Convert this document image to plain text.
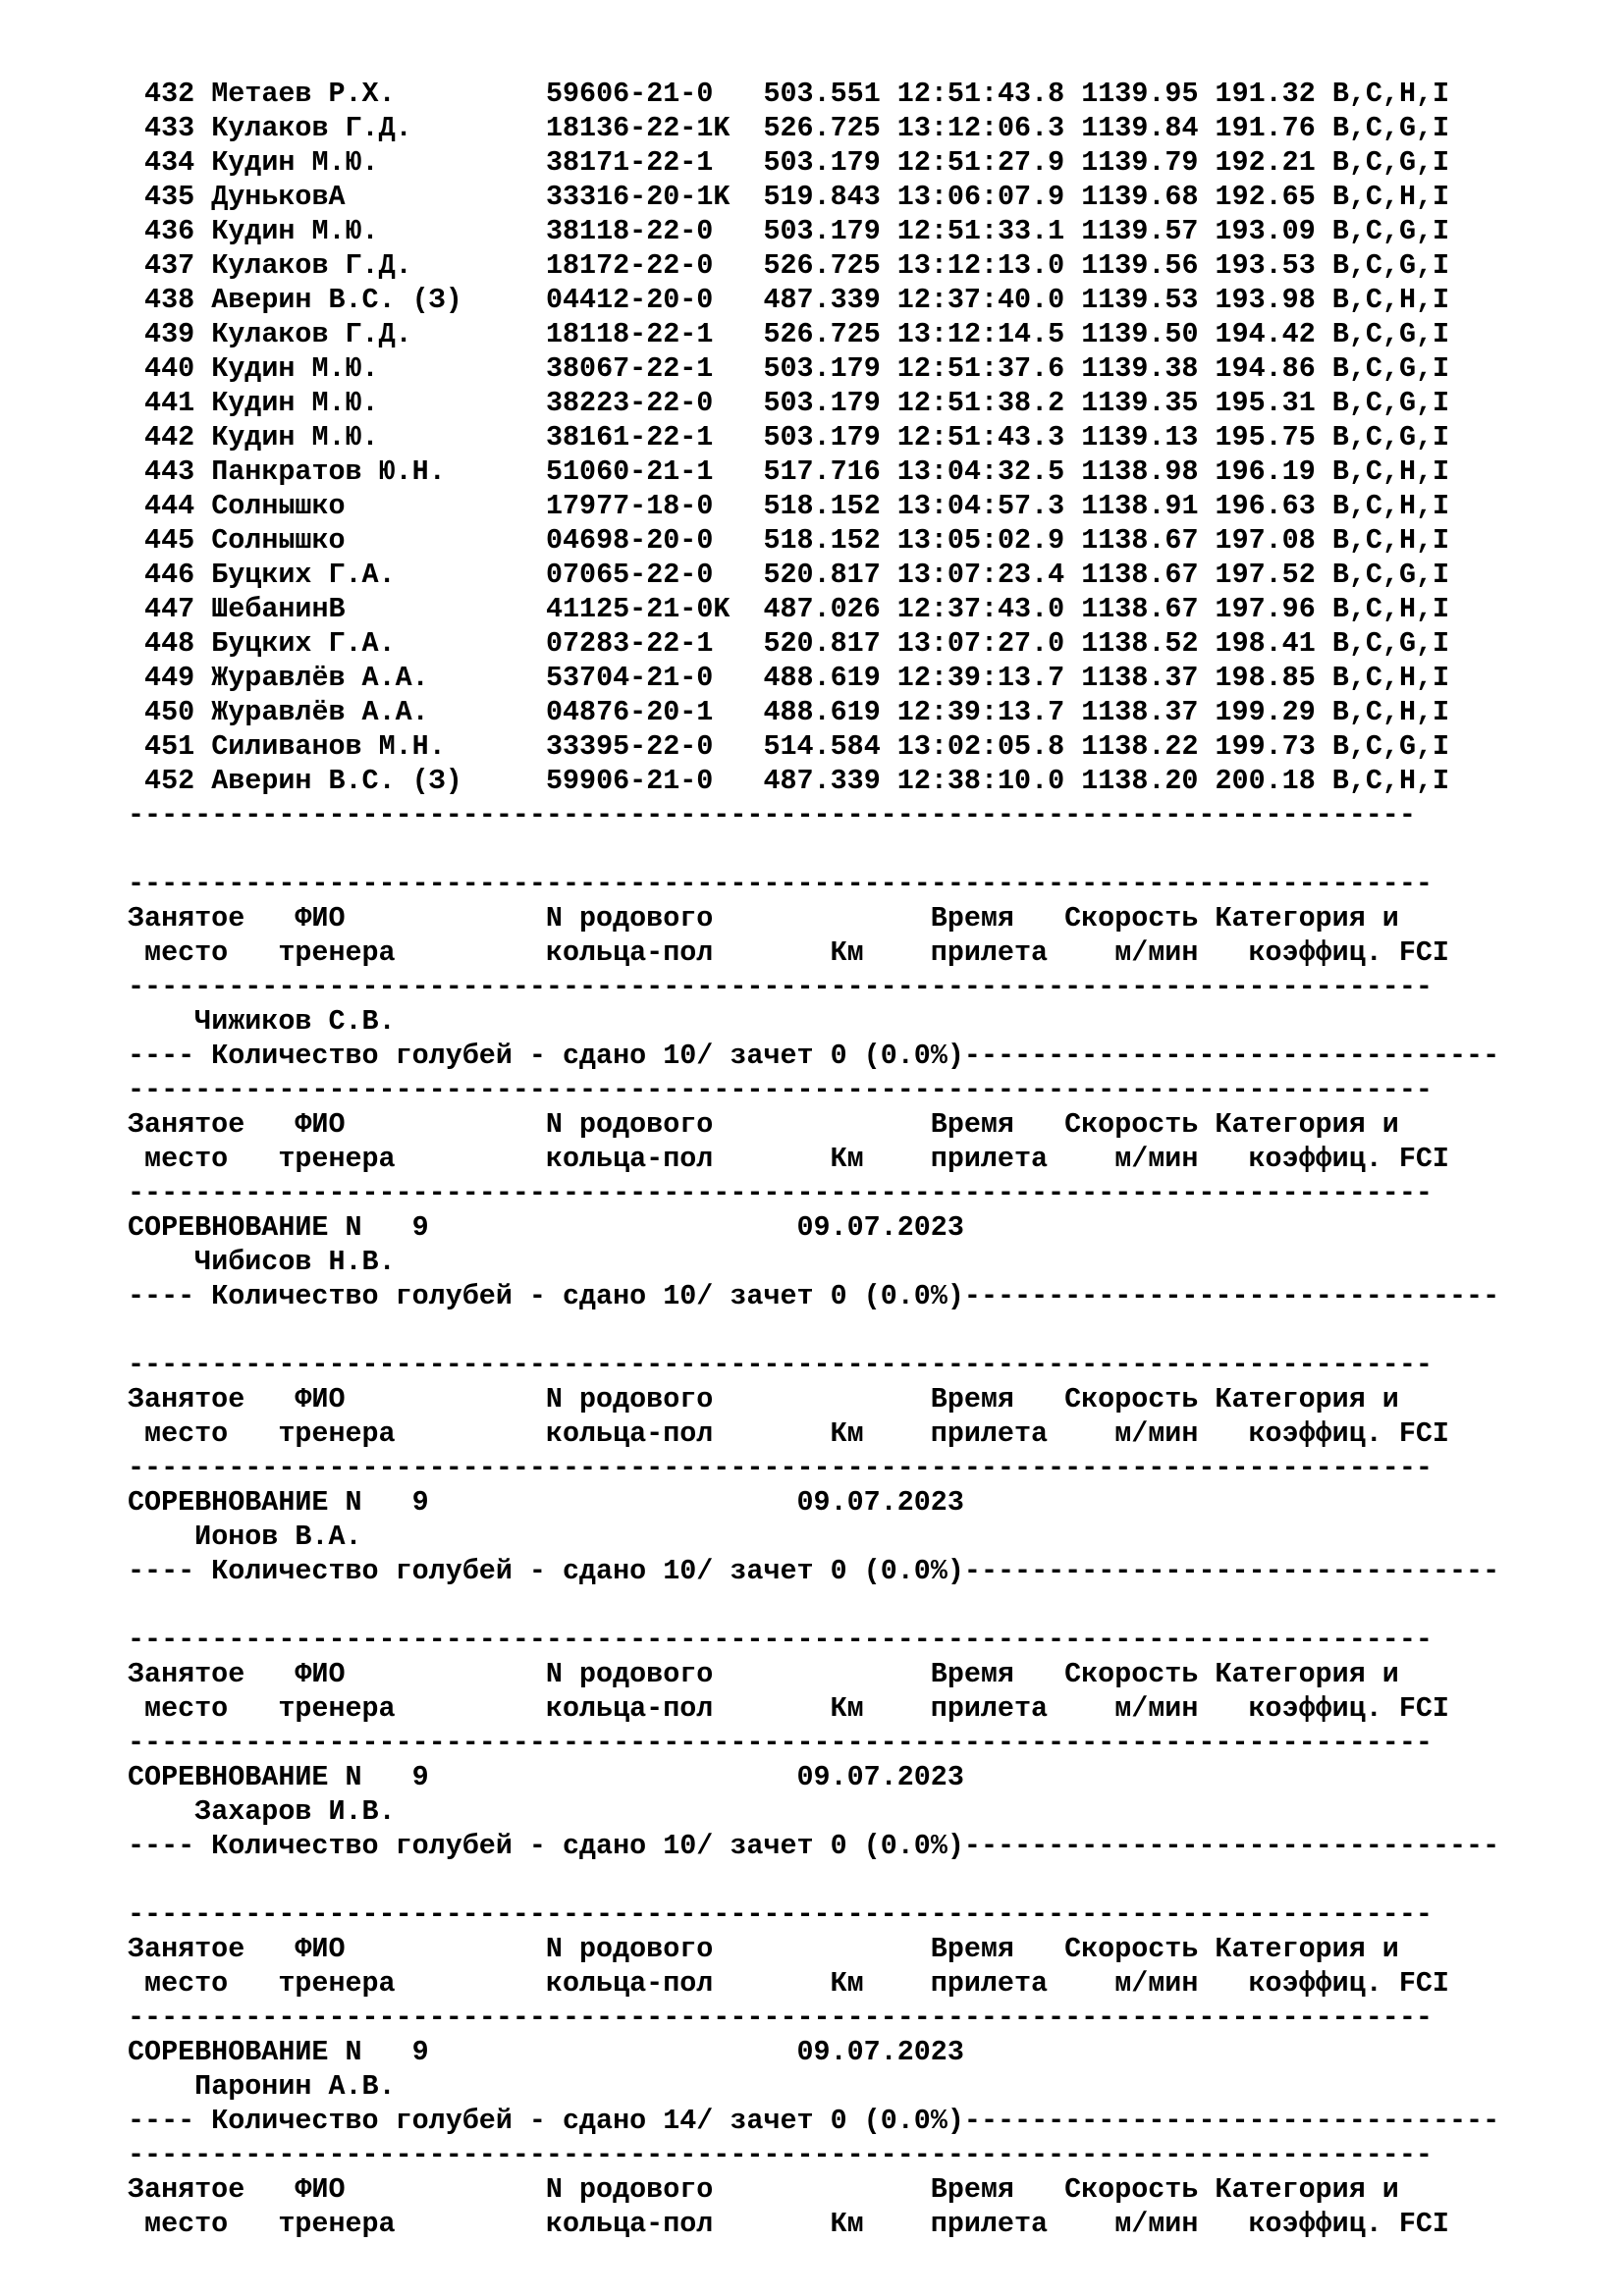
432 Метаев Р.Х.	59606-21-0 503.551 12:51:43.8 1139.95 191.32 B,C,H,I
433 Кулаков Г.Д.	18136-22-1K 526.725 13:12:06.3 1139.84 191.76 B,C,G,I
434 Кудин М.Ю.	38171-22-1 503.179 12:51:27.9 1139.79 192.21 B,C,G,I
435 ДуньковА	33316-20-1K 519.843 13:06:07.9 1139.68 192.65 B,C,H,I
436 Кудин М.Ю.	38118-22-0 503.179 12:51:33.1 1139.57 193.09 B,C,G,I
437 Кулаков Г.Д.	18172-22-0 526.725 13:12:13.0 1139.56 193.53 B,C,G,I
438 Аверин В.С. (З)	04412-20-0 487.339 12:37:40.0 1139.53 193.98 B,C,H,I
439 Кулаков Г.Д.	18118-22-1 526.725 13:12:14.5 1139.50 194.42 B,C,G,I
440 Кудин М.Ю.	38067-22-1 503.179 12:51:37.6 1139.38 194.86 B,C,G,I
441 Кудин М.Ю.	38223-22-0 503.179 12:51:38.2 1139.35 195.31 B,C,G,I
442 Кудин М.Ю.	38161-22-1 503.179 12:51:43.3 1139.13 195.75 B,C,G,I
443 Панкратов Ю.Н.	51060-21-1 517.716 13:04:32.5 1138.98 196.19 B,C,H,I
444 Солнышко	17977-18-0 518.152 13:04:57.3 1138.91 196.63 B,C,H,I
445 Солнышко	04698-20-0 518.152 13:05:02.9 1138.67 197.08 B,C,H,I
446 Буцких Г.А.	07065-22-0 520.817 13:07:23.4 1138.67 197.52 B,C,G,I
447 ШебанинВ	41125-21-0K 487.026 12:37:43.0 1138.67 197.96 B,C,H,I
448 Буцких Г.А.	07283-22-1 520.817 13:07:27.0 1138.52 198.41 B,C,G,I
449 Журавлёв А.А.	53704-21-0 488.619 12:39:13.7 1138.37 198.85 B,C,H,I
450 Журавлёв А.А.	04876-20-1 488.619 12:39:13.7 1138.37 199.29 B,C,H,I
451 Силиванов М.Н.	33395-22-0 514.584 13:02:05.8 1138.22 199.73 B,C,G,I
452 Аверин В.С. (З)	59906-21-0 487.339 12:38:10.0 1138.20 200.18 B,C,H,I
-----------------------------------------------------------------------------
------------------------------------------------------------------------------
Занятое   ФИО            N родового             Время   Скорость Категория и
место   тренера         кольца-пол       Км    прилета    м/мин   коэффиц. FCI
------------------------------------------------------------------------------
Чижиков С.В.
---- Количество голубей - сдано 10/ зачет 0 (0.0%)--------------------------------
------------------------------------------------------------------------------
Занятое   ФИО            N родового             Время   Скорость Категория и
место   тренера         кольца-пол       Км    прилета    м/мин   коэффиц. FCI
------------------------------------------------------------------------------
СОРЕВНОВАНИЕ N   9	09.07.2023
Чибисов Н.В.
---- Количество голубей - сдано 10/ зачет 0 (0.0%)--------------------------------
------------------------------------------------------------------------------
Занятое   ФИО            N родового             Время   Скорость Категория и
место   тренера         кольца-пол       Км    прилета    м/мин   коэффиц. FCI
------------------------------------------------------------------------------
СОРЕВНОВАНИЕ N   9	09.07.2023
Ионов В.А.
---- Количество голубей - сдано 10/ зачет 0 (0.0%)--------------------------------
------------------------------------------------------------------------------
Занятое   ФИО            N родового             Время   Скорость Категория и
место   тренера         кольца-пол       Км    прилета    м/мин   коэффиц. FCI
------------------------------------------------------------------------------
СОРЕВНОВАНИЕ N   9	09.07.2023
Захаров И.В.
---- Количество голубей - сдано 10/ зачет 0 (0.0%)--------------------------------
------------------------------------------------------------------------------
Занятое   ФИО            N родового             Время   Скорость Категория и
место   тренера         кольца-пол       Км    прилета    м/мин   коэффиц. FCI
------------------------------------------------------------------------------
СОРЕВНОВАНИЕ N   9	09.07.2023
Паронин А.В.
---- Количество голубей - сдано 14/ зачет 0 (0.0%)--------------------------------
------------------------------------------------------------------------------
Занятое   ФИО            N родового             Время   Скорость Категория и
место   тренера         кольца-пол       Км    прилета    м/мин   коэффиц. FCI
